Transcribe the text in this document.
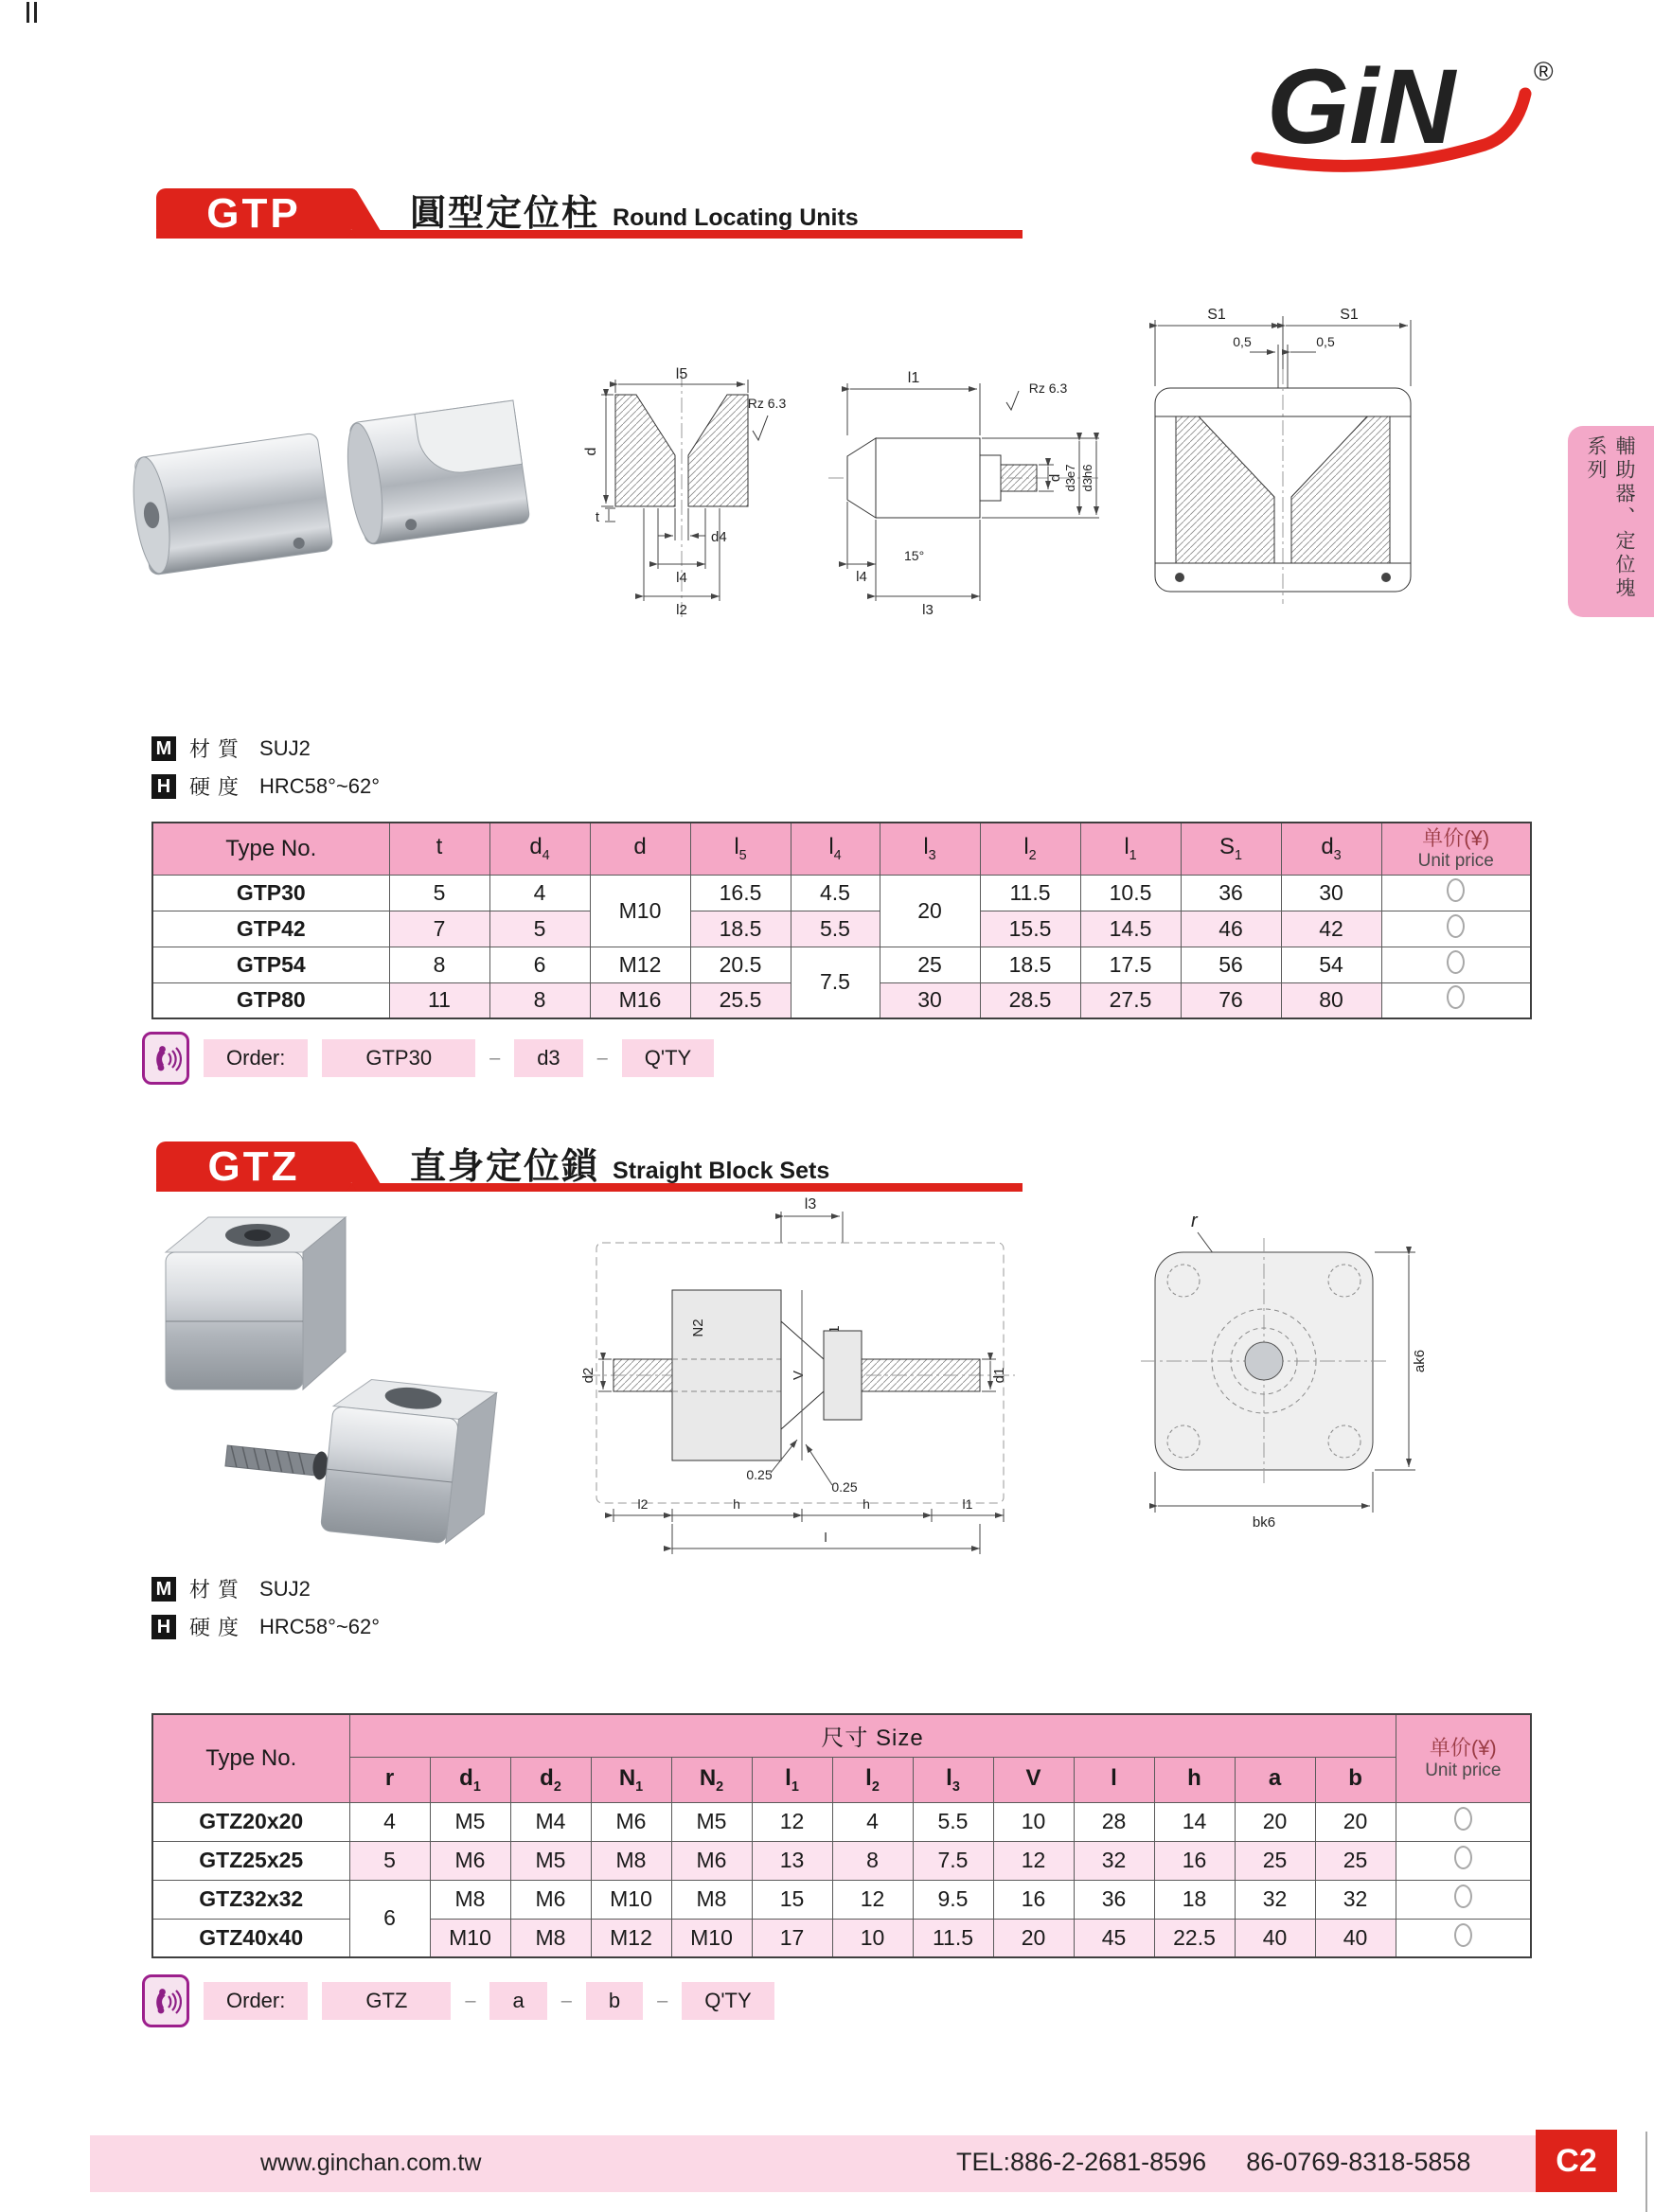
GiN	®
GTP	圓型定位柱 Round Locating Units
l5
Rz 6.3
d
t
d4
l4
l2
l1
Rz 6.3
d d3e7 d3h6
l4
15°
l3
S1	S1
0,5	0,5
M 材質 SUJ2
H 硬度 HRC58°~62°
Type No.	t	$d_4$	d	$l_5$	$l_4$	$l_3$	$l_2$	$l_1$	$S_1$	$d_3$	单价(¥)
Unit price

GTP30	5	4	M10	16.5	4.5	20	11.5	10.5	36	30	
GTP42	7	5		18.5	5.5		15.5	14.5	46	42	
GTP54	8	6	M12	20.5	7.5	25	18.5	17.5	56	54	
GTP80	11	8	M16	25.5		30	28.5	27.5	76	80	
Order:	GTP30	–	d3	–	Q'TY
GTZ	直身定位鎖 Straight Block Sets
l3
d2
N2
V	d1
0.25
0.25
l2	h	h	l1
l
r
ak6
bk6
M 材質 SUJ2
H 硬度 HRC58°~62°
Type No.	尺寸 Size													单价(¥)
Unit price

	r	$d_1$	$d_2$	$N_1$	$N_2$	$l_1$	$l_2$	$l_3$	V	l	h	a	b	
GTZ20x20	4	M5	M4	M6	M5	12	4	5.5	10	28	14	20	20	
GTZ25x25	5	M6	M5	M8	M6	13	8	7.5	12	32	16	25	25	
GTZ32x32	6	M8	M6	M10	M8	15	12	9.5	16	36	18	32	32	
GTZ40x40		M10	M8	M12	M10	17	10	11.5	20	45	22.5	40	40	
Order:	GTZ	–	a	–	b	–	Q'TY
www.ginchan.com.tw	TEL:886-2-2681-8596 86-0769-8318-5858	C2
輔助器、定位塊系列
